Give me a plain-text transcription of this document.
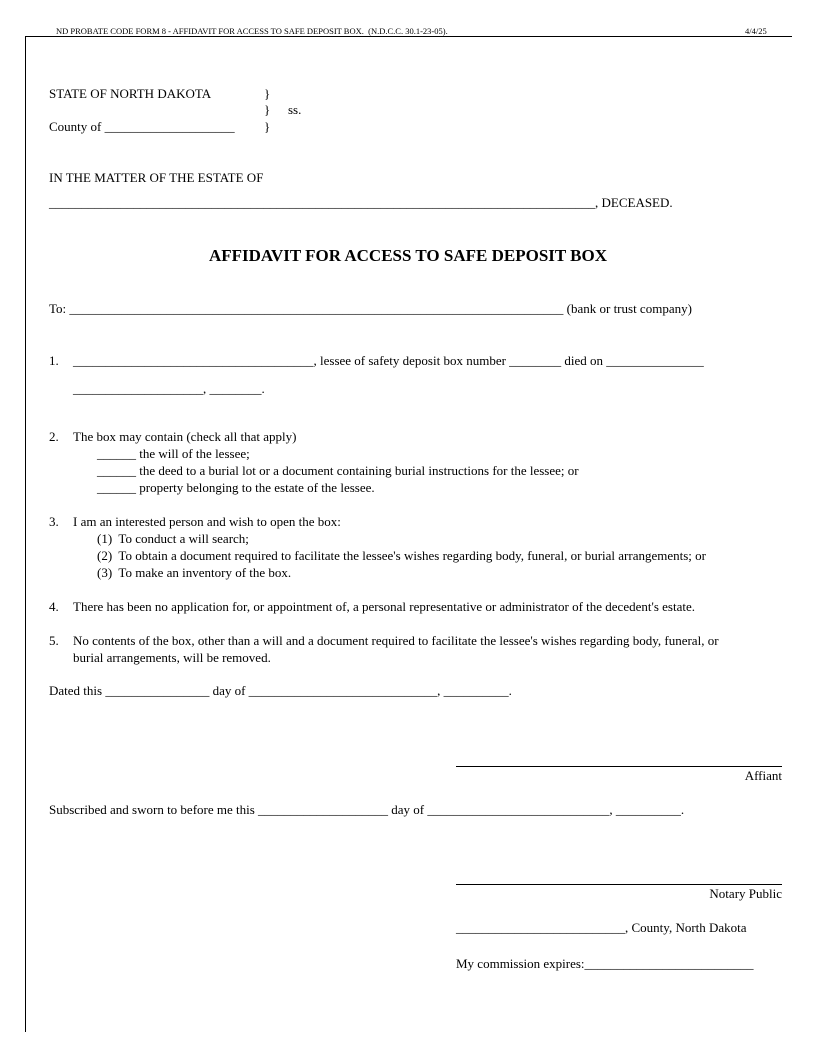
ND PROBATE CODE FORM 8 - AFFIDAVIT FOR ACCESS TO SAFE DEPOSIT BOX.  (N.D.C.C. 30.1-23-05).	4/4/25
STATE OF NORTH DAKOTA	}
} ss.
County of ____________________ }
IN THE MATTER OF THE ESTATE OF
____________________________________________________________________________________, DECEASED.
AFFIDAVIT FOR ACCESS TO SAFE DEPOSIT BOX
To: ____________________________________________________________________________ (bank or trust company)
1. _____________________________________, lessee of safety deposit box number ________ died on _______________
____________________, ________.
2. The box may contain (check all that apply)
______ the will of the lessee;
______ the deed to a burial lot or a document containing burial instructions for the lessee; or
______ property belonging to the estate of the lessee.
3. I am an interested person and wish to open the box:
(1)  To conduct a will search;
(2)  To obtain a document required to facilitate the lessee's wishes regarding body, funeral, or burial arrangements; or
(3)  To make an inventory of the box.
4. There has been no application for, or appointment of, a personal representative or administrator of the decedent's estate.
5. No contents of the box, other than a will and a document required to facilitate the lessee's wishes regarding body, funeral, or
burial arrangements, will be removed.
Dated this ________________ day of _____________________________, __________.
Affiant
Subscribed and sworn to before me this ____________________ day of ____________________________, __________.
Notary Public
__________________________, County, North Dakota
My commission expires:__________________________
